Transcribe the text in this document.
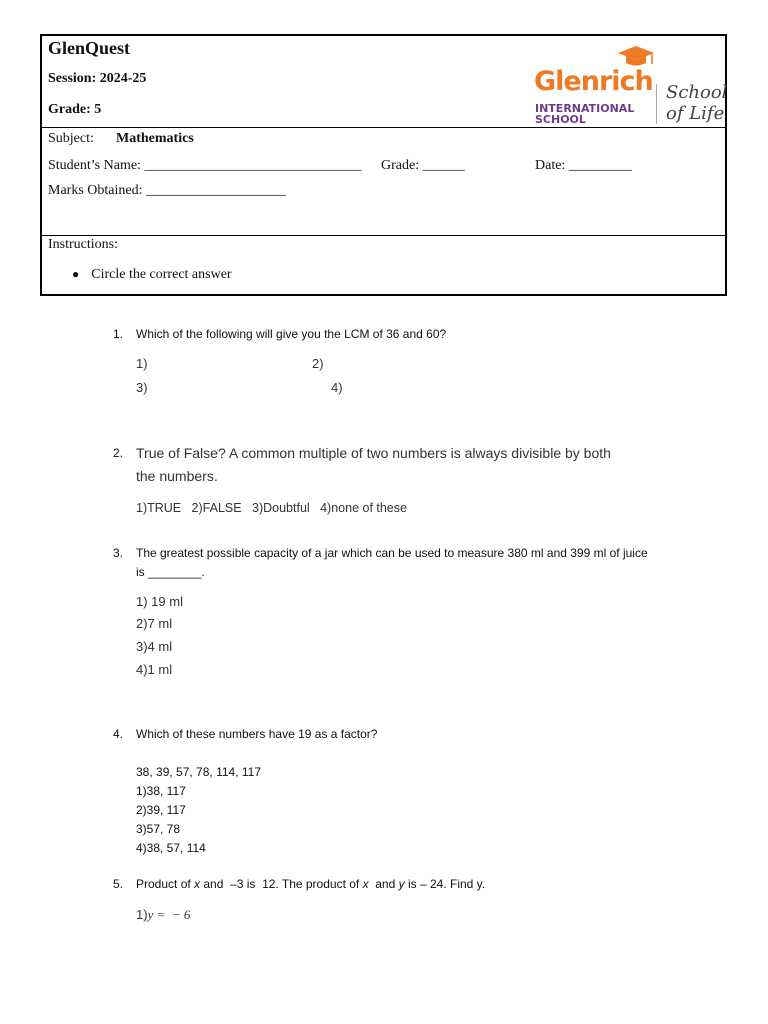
GlenQuest
Session: 2024-25
Grade: 5
Glenrich
INTERNATIONAL
SCHOOL
School
of Life
Subject: Mathematics
Student’s Name: _______________________________ Grade: ______	Date: _________
Marks Obtained: ____________________
Instructions:
● Circle the correct answer
1. Which of the following will give you the LCM of 36 and 60?
1)	2)
3)	4)
2. True of False? A common multiple of two numbers is always divisible by both
the numbers.
1)TRUE   2)FALSE   3)Doubtful   4)none of these
3. The greatest possible capacity of a jar which can be used to measure 380 ml and 399 ml of juice
is ________.
1) 19 ml
2)7 ml
3)4 ml
4)1 ml
4. Which of these numbers have 19 as a factor?
38, 39, 57, 78, 114, 117
1)38, 117
2)39, 117
3)57, 78
4)38, 57, 114
5. Product of x and  –3 is  12. The product of x  and y is – 24. Find y.
1)y =  − 6
